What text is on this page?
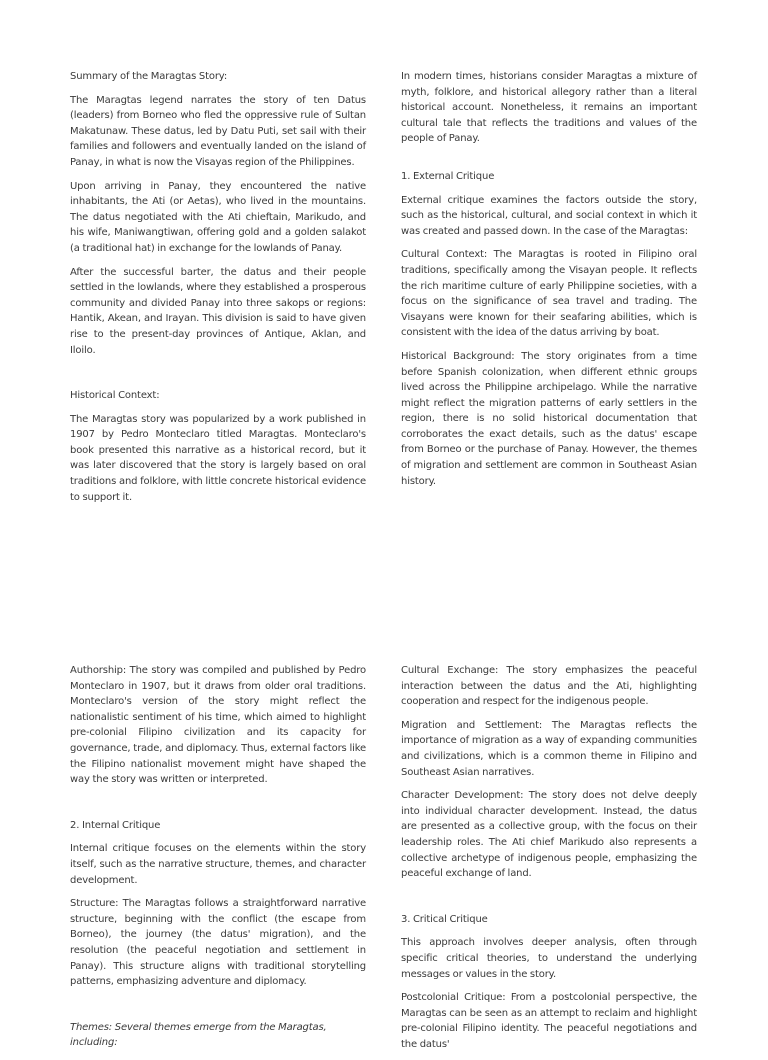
Summary of the Maragtas Story:

The Maragtas legend narrates the story of ten Datus (leaders) from Borneo who fled the oppressive rule of Sultan Makatunaw. These datus, led by Datu Puti, set sail with their families and followers and eventually landed on the island of Panay, in what is now the Visayas region of the Philippines.

Upon arriving in Panay, they encountered the native inhabitants, the Ati (or Aetas), who lived in the mountains. The datus negotiated with the Ati chieftain, Marikudo, and his wife, Maniwangtiwan, offering gold and a golden salakot (a traditional hat) in exchange for the lowlands of Panay.

After the successful barter, the datus and their people settled in the lowlands, where they established a prosperous community and divided Panay into three sakops or regions: Hantik, Akean, and Irayan. This division is said to have given rise to the present-day provinces of Antique, Aklan, and Iloilo.

Historical Context:

The Maragtas story was popularized by a work published in 1907 by Pedro Monteclaro titled Maragtas. Monteclaro's book presented this narrative as a historical record, but it was later discovered that the story is largely based on oral traditions and folklore, with little concrete historical evidence to support it.

In modern times, historians consider Maragtas a mixture of myth, folklore, and historical allegory rather than a literal historical account. Nonetheless, it remains an important cultural tale that reflects the traditions and values of the people of Panay.

1. External Critique

External critique examines the factors outside the story, such as the historical, cultural, and social context in which it was created and passed down. In the case of the Maragtas:

Cultural Context: The Maragtas is rooted in Filipino oral traditions, specifically among the Visayan people. It reflects the rich maritime culture of early Philippine societies, with a focus on the significance of sea travel and trading. The Visayans were known for their seafaring abilities, which is consistent with the idea of the datus arriving by boat.

Historical Background: The story originates from a time before Spanish colonization, when different ethnic groups lived across the Philippine archipelago. While the narrative might reflect the migration patterns of early settlers in the region, there is no solid historical documentation that corroborates the exact details, such as the datus' escape from Borneo or the purchase of Panay. However, the themes of migration and settlement are common in Southeast Asian history.

Authorship: The story was compiled and published by Pedro Monteclaro in 1907, but it draws from older oral traditions. Monteclaro's version of the story might reflect the nationalistic sentiment of his time, which aimed to highlight pre-colonial Filipino civilization and its capacity for governance, trade, and diplomacy. Thus, external factors like the Filipino nationalist movement might have shaped the way the story was written or interpreted.

2. Internal Critique

Internal critique focuses on the elements within the story itself, such as the narrative structure, themes, and character development.

Structure: The Maragtas follows a straightforward narrative structure, beginning with the conflict (the escape from Borneo), the journey (the datus' migration), and the resolution (the peaceful negotiation and settlement in Panay). This structure aligns with traditional storytelling patterns, emphasizing adventure and diplomacy.

Themes: Several themes emerge from the Maragtas, including:

Cultural Exchange: The story emphasizes the peaceful interaction between the datus and the Ati, highlighting cooperation and respect for the indigenous people.

Migration and Settlement: The Maragtas reflects the importance of migration as a way of expanding communities and civilizations, which is a common theme in Filipino and Southeast Asian narratives.

Character Development: The story does not delve deeply into individual character development. Instead, the datus are presented as a collective group, with the focus on their leadership roles. The Ati chief Marikudo also represents a collective archetype of indigenous people, emphasizing the peaceful exchange of land.

3. Critical Critique

This approach involves deeper analysis, often through specific critical theories, to understand the underlying messages or values in the story.

Postcolonial Critique: From a postcolonial perspective, the Maragtas can be seen as an attempt to reclaim and highlight pre-colonial Filipino identity. The peaceful negotiations and the datus'
